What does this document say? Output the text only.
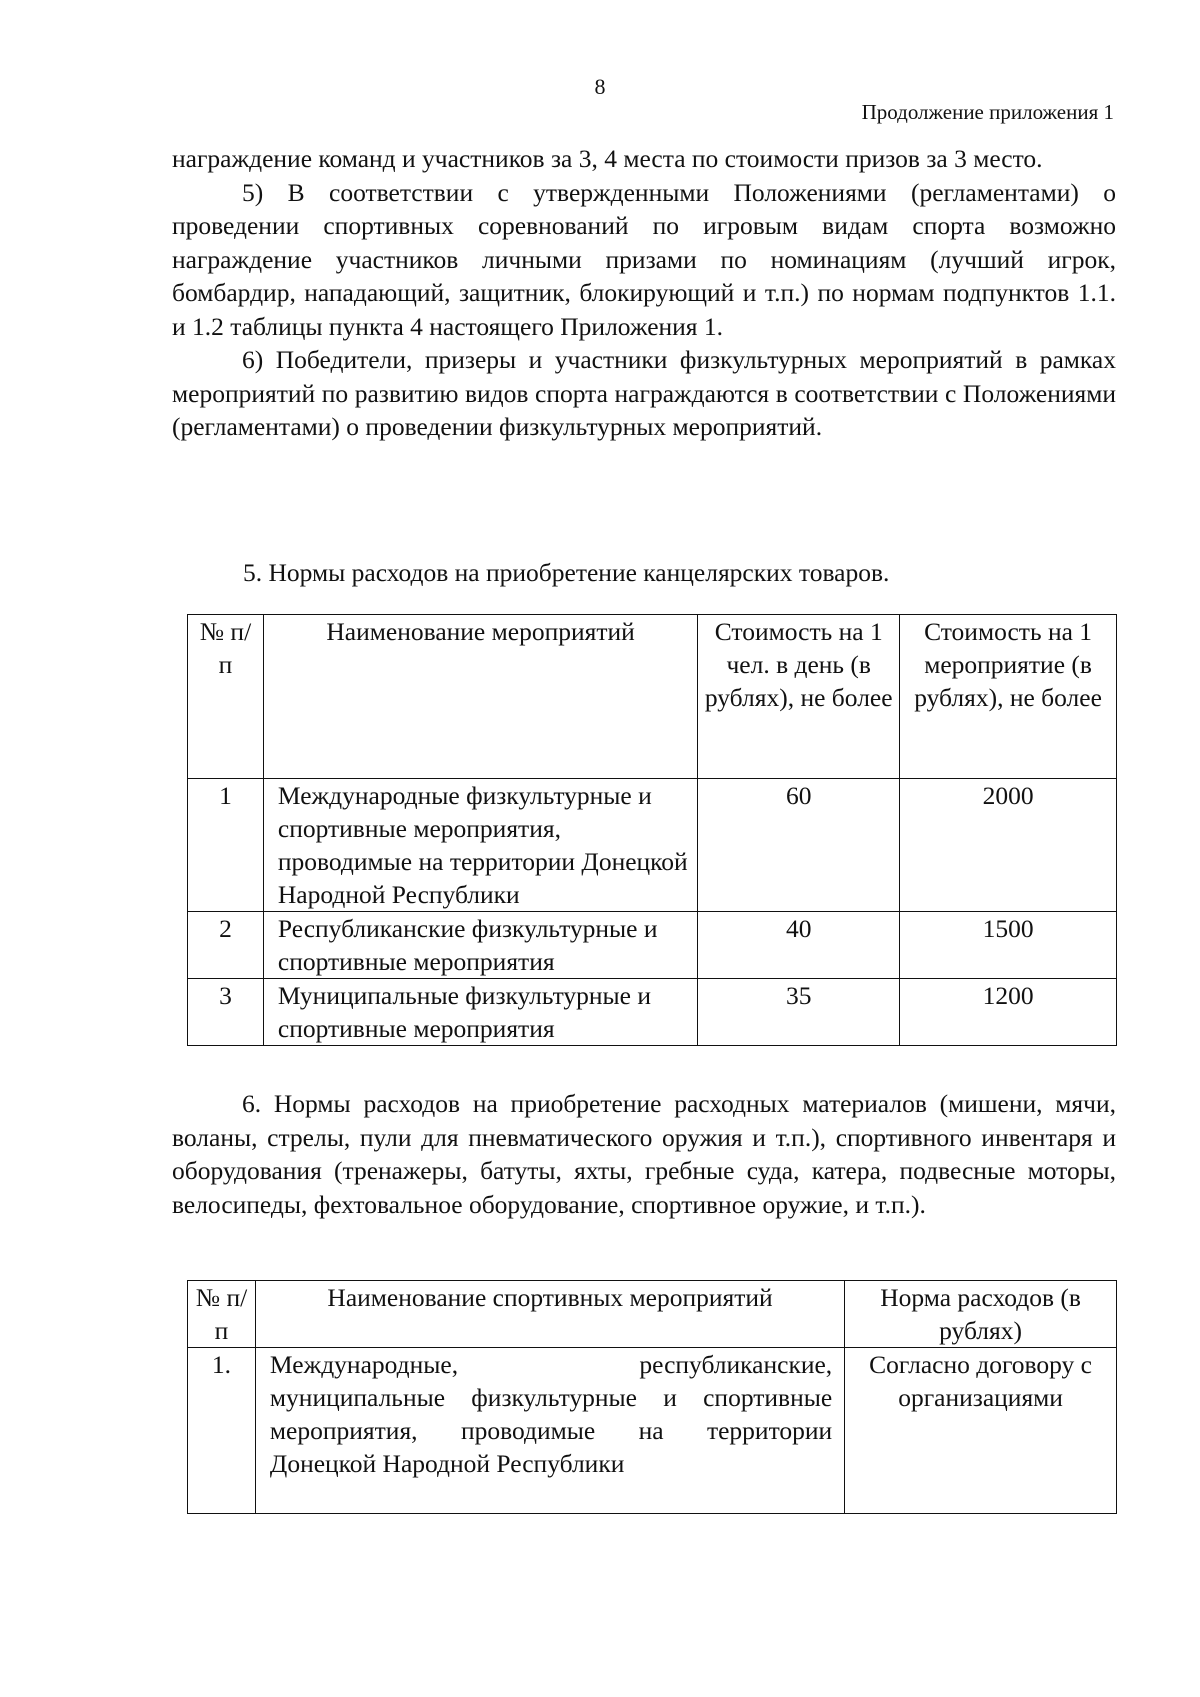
8
Продолжение приложения 1

награждение команд и участников за 3, 4 места по стоимости призов за 3 место.

5) В соответствии с утвержденными Положениями (регламентами) о проведении спортивных соревнований по игровым видам спорта возможно награждение участников личными призами по номинациям (лучший игрок, бомбардир, нападающий, защитник, блокирующий и т.п.) по нормам подпунктов 1.1. и 1.2 таблицы пункта 4 настоящего Приложения 1.

6) Победители, призеры и участники физкультурных мероприятий в рамках мероприятий по развитию видов спорта награждаются в соответствии с Положениями (регламентами) о проведении физкультурных мероприятий.

5. Нормы расходов на приобретение канцелярских товаров.

№ п/п	Наименование мероприятий	Стоимость на 1 чел. в день (в рублях), не более	Стоимость на 1 мероприятие (в рублях), не более
1	Международные физкультурные и спортивные мероприятия, проводимые на территории Донецкой Народной Республики	60	2000
2	Республиканские физкультурные и спортивные мероприятия	40	1500
3	Муниципальные физкультурные и спортивные мероприятия	35	1200

6. Нормы расходов на приобретение расходных материалов (мишени, мячи, воланы, стрелы, пули для пневматического оружия и т.п.), спортивного инвентаря и оборудования (тренажеры, батуты, яхты, гребные суда, катера, подвесные моторы, велосипеды, фехтовальное оборудование, спортивное оружие, и т.п.).

№ п/п	Наименование спортивных мероприятий	Норма расходов (в рублях)
1.	Международные, республиканские, муниципальные физкультурные и спортивные мероприятия, проводимые на территории Донецкой Народной Республики	Согласно договору с организациями
